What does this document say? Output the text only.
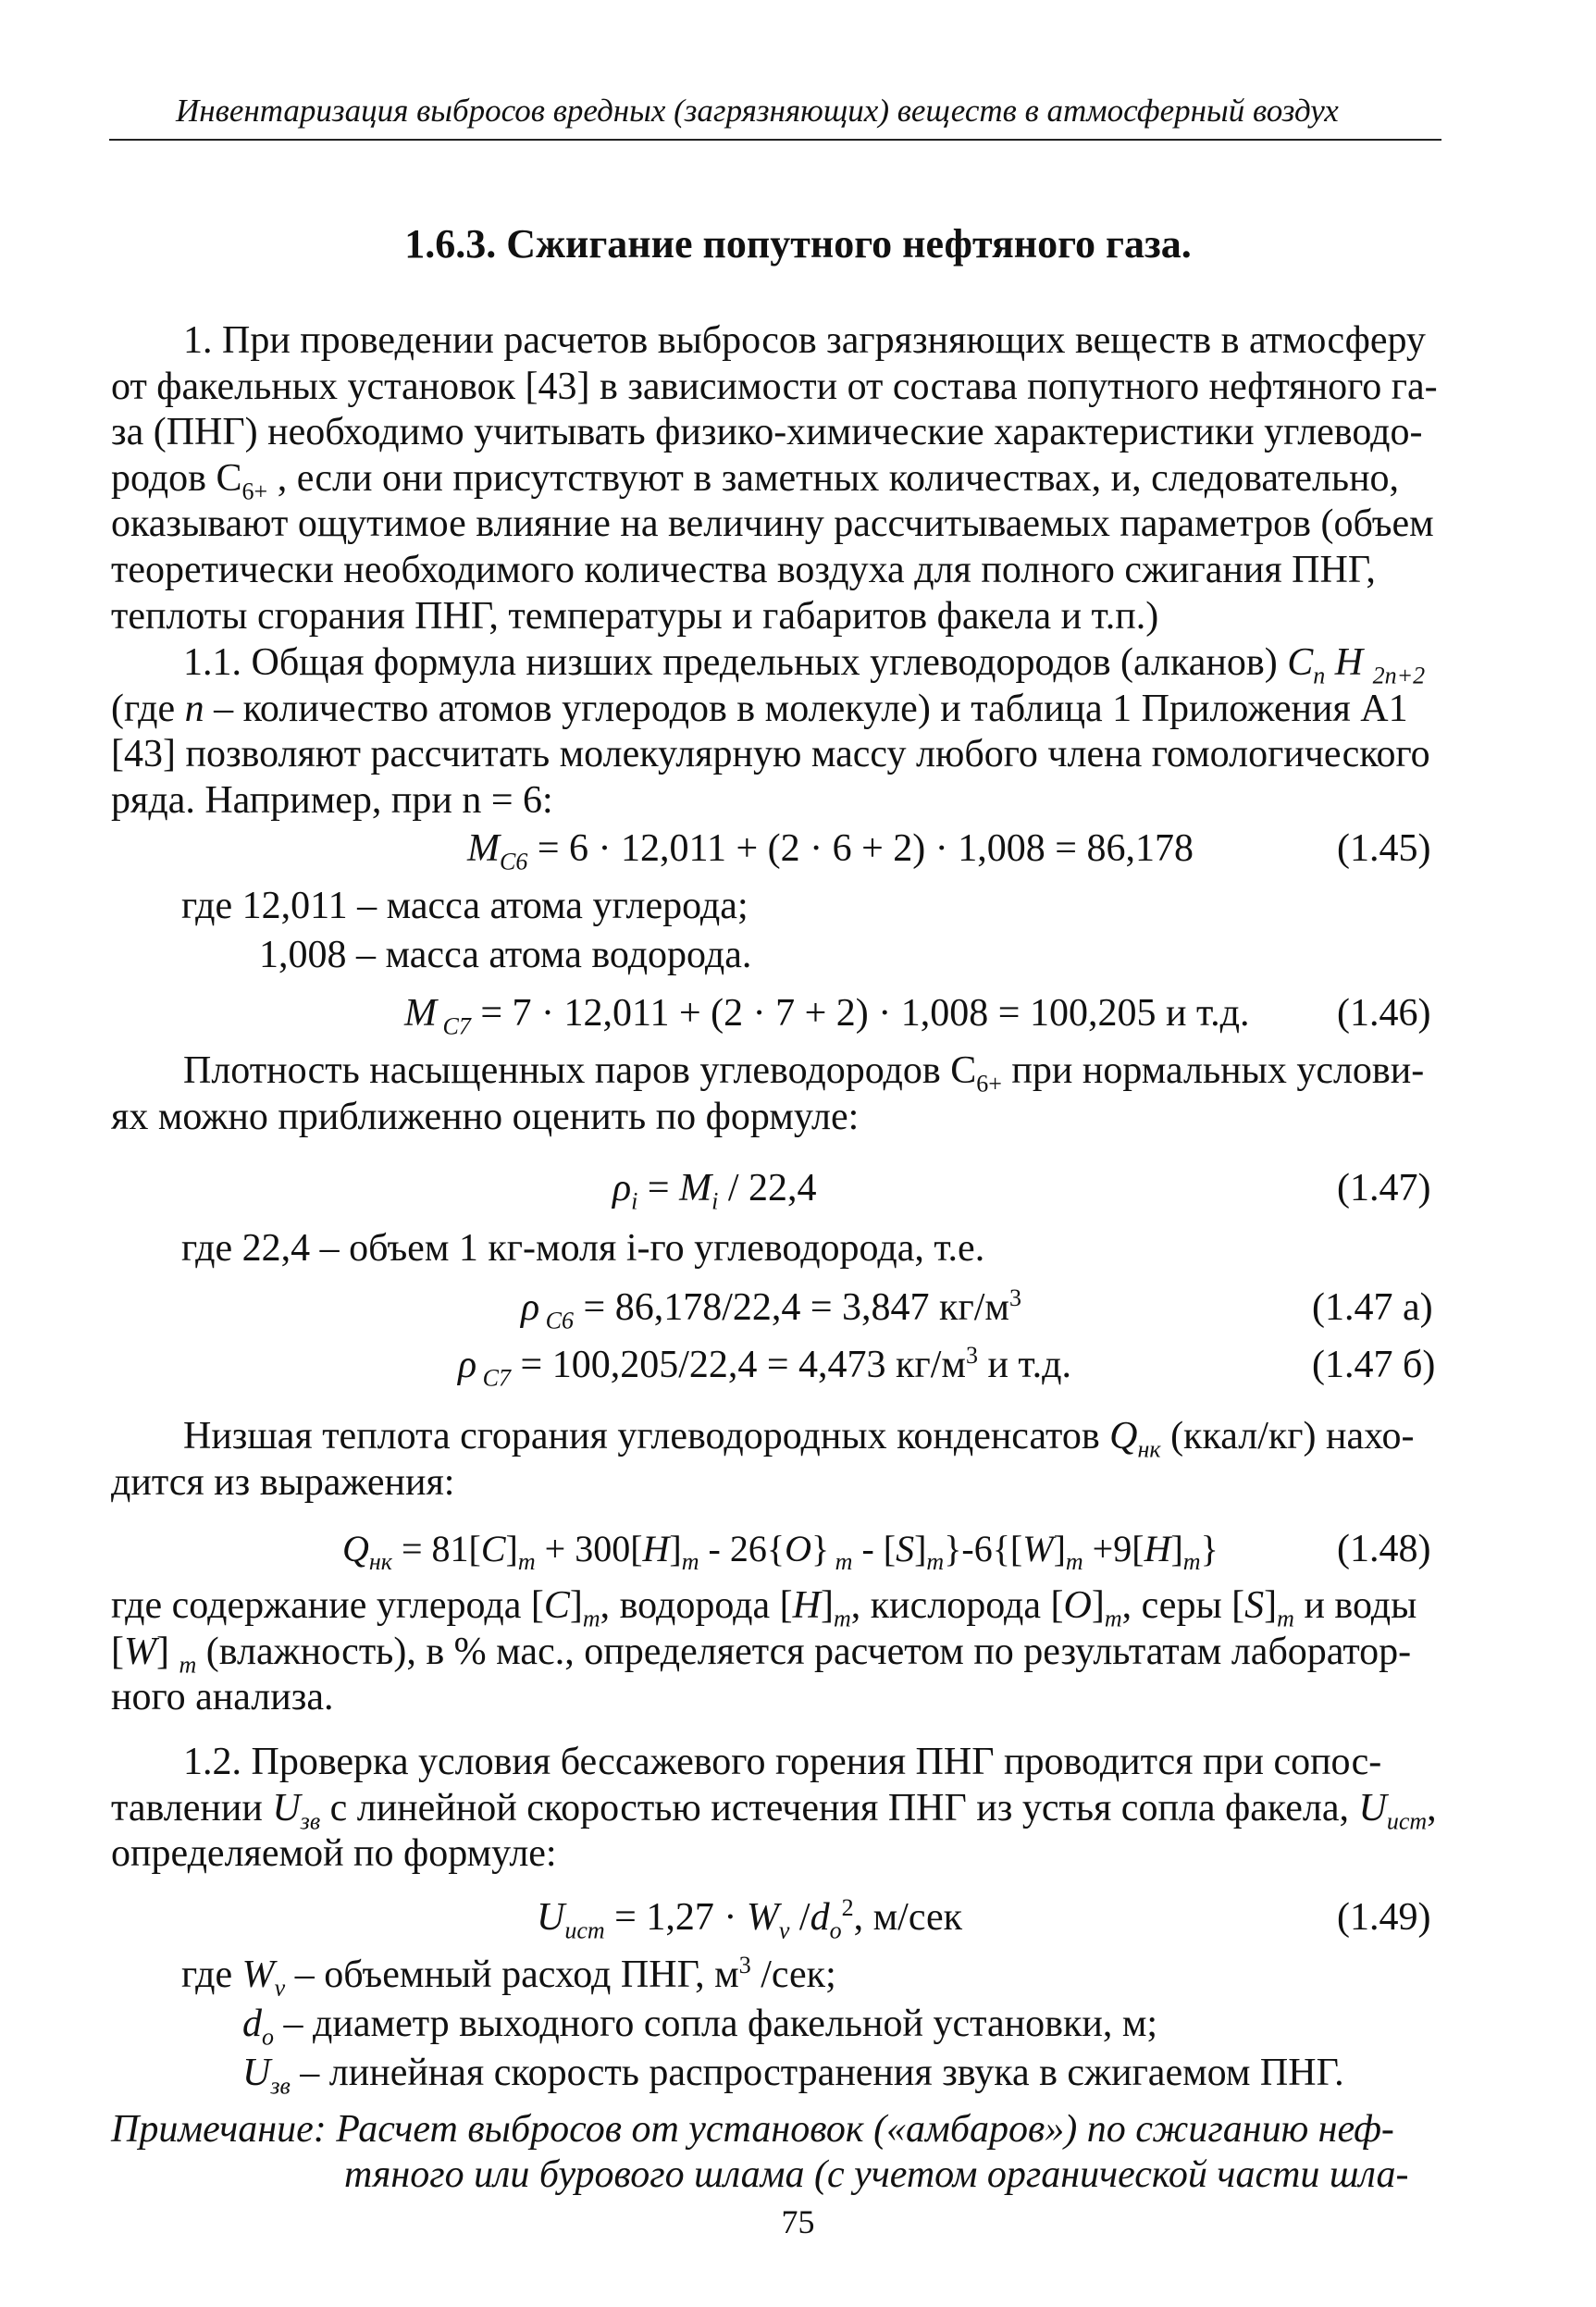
Инвентаризация выбросов вредных (загрязняющих) веществ в атмосферный воздух
1.6.3. Сжигание попутного нефтяного газа.
1. При проведении расчетов выбросов загрязняющих веществ в атмосферу
от факельных установок [43] в зависимости от состава попутного нефтяного га-
за (ПНГ) необходимо учитывать физико-химические характеристики углеводо-
родов $С_{6+}$ , если они присутствуют в заметных количествах, и, следовательно,
оказывают ощутимое влияние на величину рассчитываемых параметров (объем
теоретически необходимого количества воздуха для полного сжигания ПНГ,
теплоты сгорания ПНГ, температуры и габаритов факела и т.п.)
1.1. Общая формула низших предельных углеводородов (алканов) $C_n$ H $_{2n+2}$
(где n – количество атомов углеродов в молекуле) и таблица 1 Приложения А1
[43] позволяют рассчитать молекулярную массу любого члена гомологического
ряда. Например, при n = 6:
$M_{C6} = 6 \cdot 12,011 + (2 \cdot 6 + 2) \cdot 1,008 = 86,178$	(1.45)
где 12,011 – масса атома углерода;
1,008 – масса атома водорода.
M $_{C7}$ = 7 · 12,011 + (2 · 7 + 2) · 1,008 = 100,205 и т.д. (1.46)
Плотность насыщенных паров углеводородов $С_{6+}$ при нормальных услови-
ях можно приближенно оценить по формуле:
$\rho_i = M_i / 22,4$	(1.47)
где 22,4 – объем 1 кг-моля i-го углеводорода, т.е.
ρ $_{C6}$ = 86,178/22,4 = 3,847 $кг/м^3$	(1.47 а)
ρ $_{C7}$ = 100,205/22,4 = 4,473 $кг/м^3$ и т.д.	(1.47 б)
Низшая теплота сгорания углеводородных конденсатов $Q_{нк}$ (ккал/кг) нахо-
дится из выражения:
$Q_{нк} = 81[C]_m + 300[H]_m - 26\{O\}$ $_m - [S]_m\}-6\{[W]_m +9[H]_m\}$	(1.48)
где содержание углерода $[C]_m$, водорода $[H]_m$, кислорода $[O]_m$, серы $[S]_m$ и воды
[W] $_m$ (влажность), в % мас., определяется расчетом по результатам лаборатор-
ного анализа.
1.2. Проверка условия бессажевого горения ПНГ проводится при сопос-
тавлении $U_{зв}$ с линейной скоростью истечения ПНГ из устья сопла факела, $U_{ист}$,
определяемой по формуле:
$U_{ист} = 1,27 \cdot W_v$ $/d_o^2$, м/сек	(1.49)
где $W_v$ – объемный расход ПНГ, $м^3$ /сек;
$d_o$ – диаметр выходного сопла факельной установки, м;
$U_{зв}$ – линейная скорость распространения звука в сжигаемом ПНГ.
Примечание: Расчет выбросов от установок («амбаров») по сжиганию неф-
тяного или бурового шлама (с учетом органической части шла-
75
